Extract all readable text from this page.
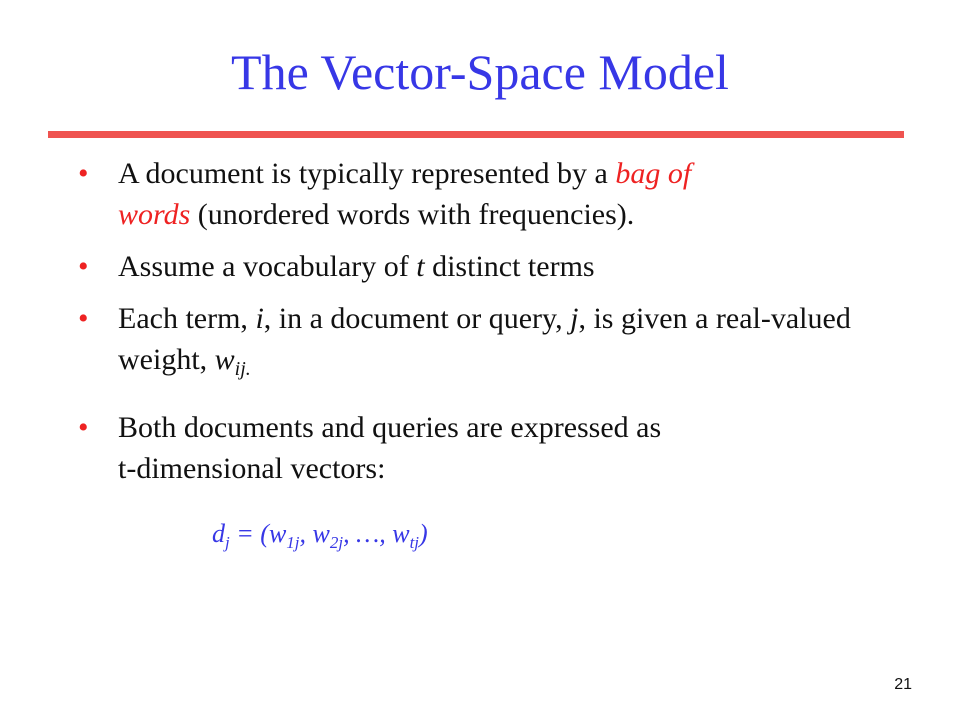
The Vector-Space Model
• A document is typically represented by a bag of
words (unordered words with frequencies).
• Assume a vocabulary of t distinct terms
• Each term, i, in a document or query, j, is given a real-valued weight, $w_{ij.}$
• Both documents and queries are expressed as
t-dimensional vectors:
$d_j = (w_{1j}$, $w_{2j}$, …, $w_{tj}$)
21
